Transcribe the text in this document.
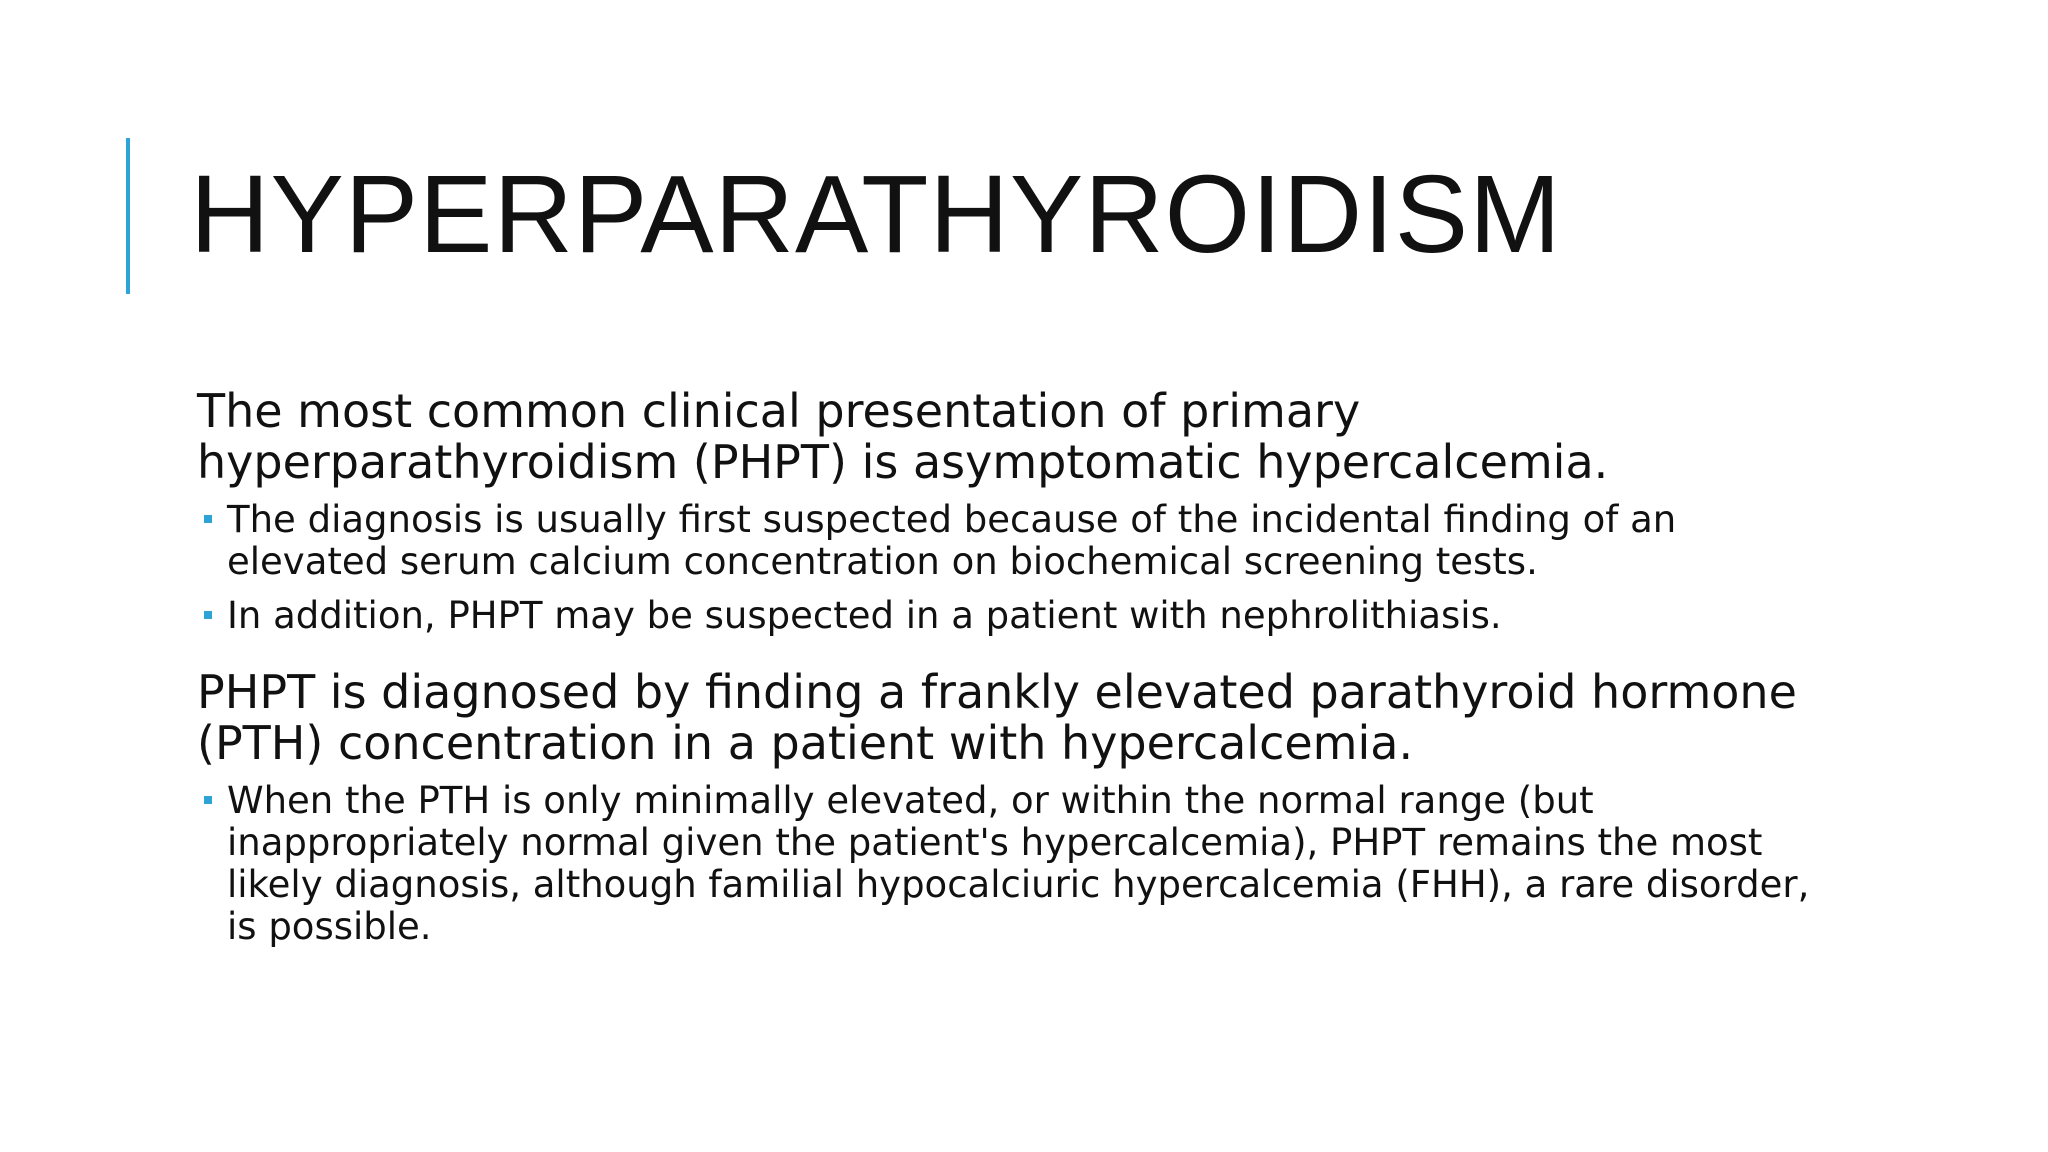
HYPERPARATHYROIDISM

The most common clinical presentation of primary hyperparathyroidism (PHPT) is asymptomatic hypercalcemia.

The diagnosis is usually first suspected because of the incidental finding of an elevated serum calcium concentration on biochemical screening tests.
In addition, PHPT may be suspected in a patient with nephrolithiasis.

PHPT is diagnosed by finding a frankly elevated parathyroid hormone (PTH) concentration in a patient with hypercalcemia.

When the PTH is only minimally elevated, or within the normal range (but inappropriately normal given the patient's hypercalcemia), PHPT remains the most likely diagnosis, although familial hypocalciuric hypercalcemia (FHH), a rare disorder, is possible.
